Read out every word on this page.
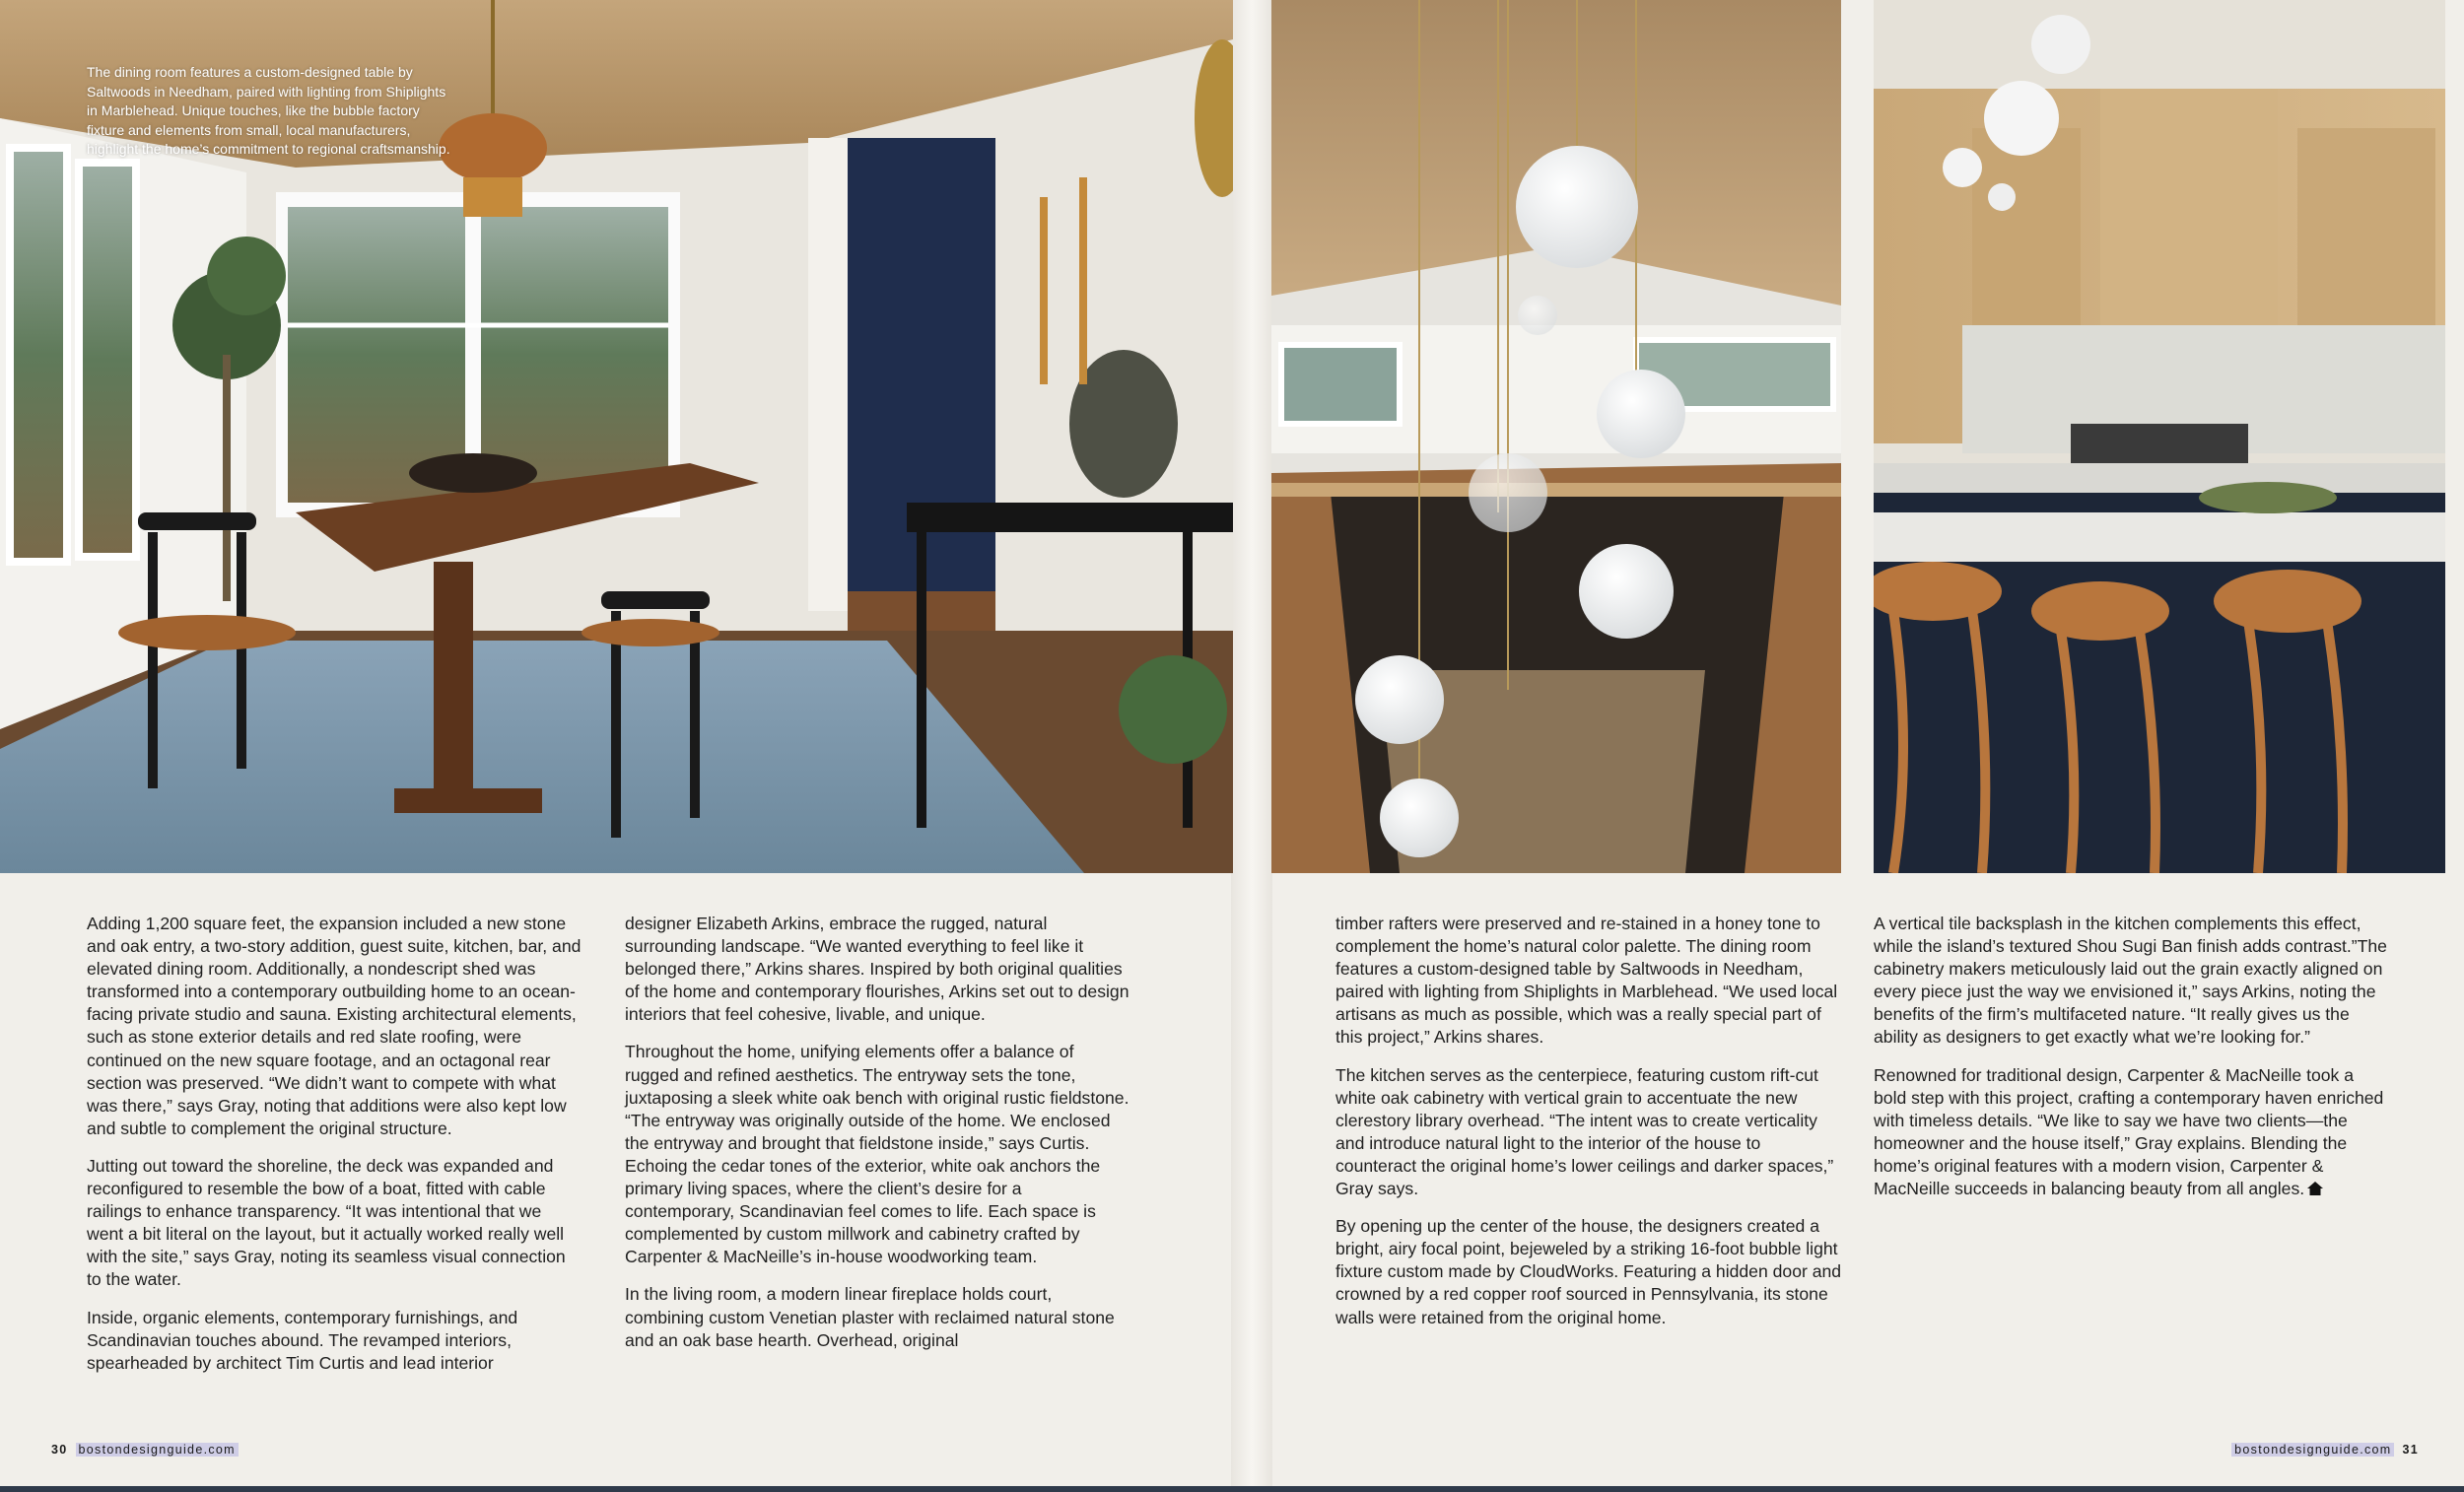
The dining room features a custom-designed table by Saltwoods in Needham, paired with lighting from Shiplights in Marblehead. Unique touches, like the bubble factory fixture and elements from small, local manufacturers, highlight the home’s commitment to regional craftsmanship.

Adding 1,200 square feet, the expansion included a new stone and oak entry, a two-story addition, guest suite, kitchen, bar, and elevated dining room. Additionally, a nondescript shed was transformed into a contemporary outbuilding home to an ocean-facing private studio and sauna. Existing architectural elements, such as stone exterior details and red slate roofing, were continued on the new square footage, and an octagonal rear section was preserved. “We didn’t want to compete with what was there,” says Gray, noting that additions were also kept low and subtle to complement the original structure.

Jutting out toward the shoreline, the deck was expanded and reconfigured to resemble the bow of a boat, fitted with cable railings to enhance transparency. “It was intentional that we went a bit literal on the layout, but it actually worked really well with the site,” says Gray, noting its seamless visual connection to the water.

Inside, organic elements, contemporary furnishings, and Scandinavian touches abound. The revamped interiors, spearheaded by architect Tim Curtis and lead interior

designer Elizabeth Arkins, embrace the rugged, natural surrounding landscape. “We wanted everything to feel like it belonged there,” Arkins shares. Inspired by both original qualities of the home and contemporary flourishes, Arkins set out to design interiors that feel cohesive, livable, and unique.

Throughout the home, unifying elements offer a balance of rugged and refined aesthetics. The entryway sets the tone, juxtaposing a sleek white oak bench with original rustic fieldstone. “The entryway was originally outside of the home. We enclosed the entryway and brought that fieldstone inside,” says Curtis. Echoing the cedar tones of the exterior, white oak anchors the primary living spaces, where the client’s desire for a contemporary, Scandinavian feel comes to life. Each space is complemented by custom millwork and cabinetry crafted by Carpenter & MacNeille’s in-house woodworking team.

In the living room, a modern linear fireplace holds court, combining custom Venetian plaster with reclaimed natural stone and an oak base hearth. Overhead, original

timber rafters were preserved and re-stained in a honey tone to complement the home’s natural color palette. The dining room features a custom-designed table by Saltwoods in Needham, paired with lighting from Shiplights in Marblehead. “We used local artisans as much as possible, which was a really special part of this project,” Arkins shares.

The kitchen serves as the centerpiece, featuring custom rift-cut white oak cabinetry with vertical grain to accentuate the new clerestory library overhead. “The intent was to create verticality and introduce natural light to the interior of the house to counteract the original home’s lower ceilings and darker spaces,” Gray says.

By opening up the center of the house, the designers created a bright, airy focal point, bejeweled by a striking 16-foot bubble light fixture custom made by CloudWorks. Featuring a hidden door and crowned by a red copper roof sourced in Pennsylvania, its stone walls were retained from the original home.

A vertical tile backsplash in the kitchen complements this effect, while the island’s textured Shou Sugi Ban finish adds contrast.”The cabinetry makers meticulously laid out the grain exactly aligned on every piece just the way we envisioned it,” says Arkins, noting the benefits of the firm’s multifaceted nature. “It really gives us the ability as designers to get exactly what we’re looking for.”

Renowned for traditional design, Carpenter & MacNeille took a bold step with this project, crafting a contemporary haven enriched with timeless details. “We like to say we have two clients—the homeowner and the house itself,” Gray explains. Blending the home’s original features with a modern vision, Carpenter & MacNeille succeeds in balancing beauty from all angles.

30 bostondesignguide.com	bostondesignguide.com 31
